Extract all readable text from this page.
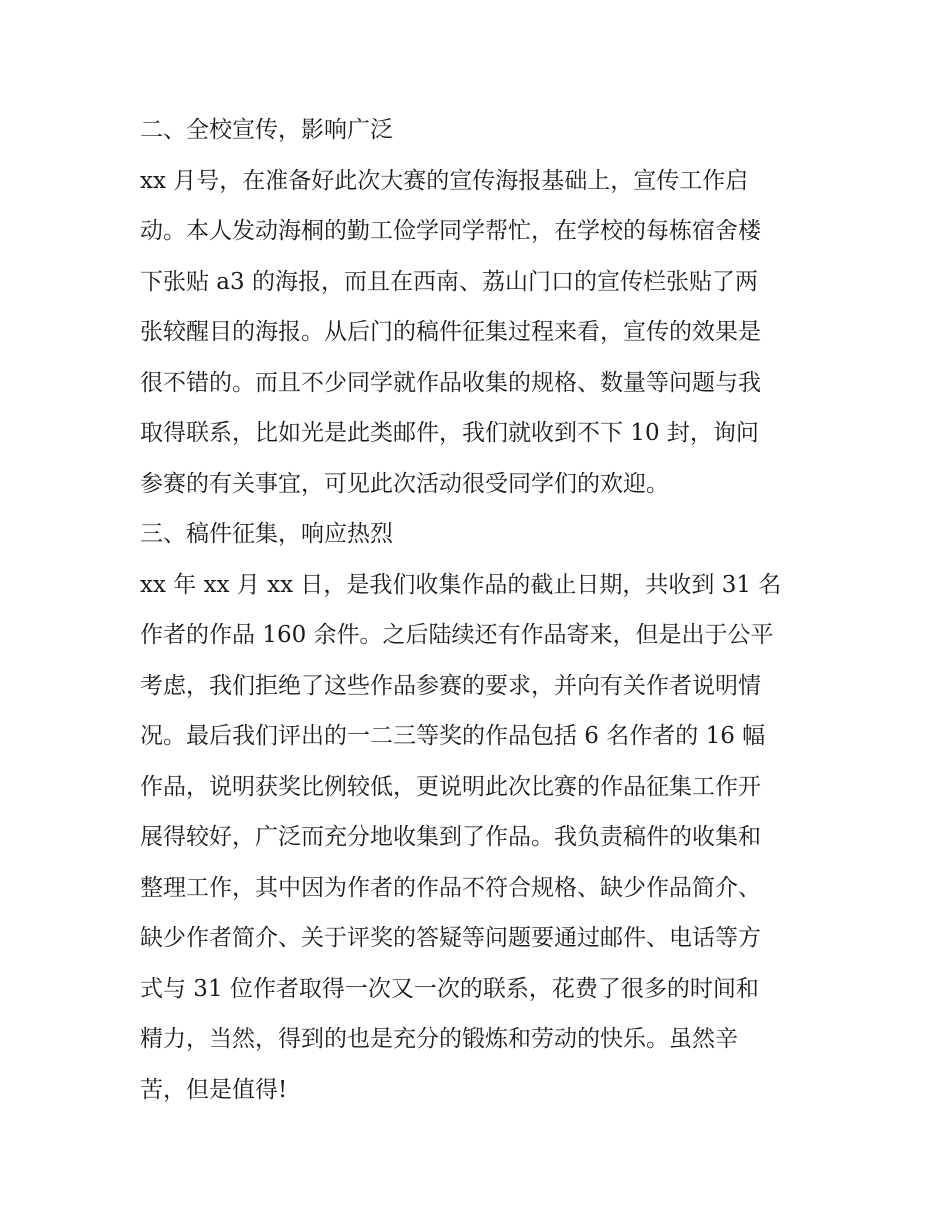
二、全校宣传，影响广泛

xx 月号，在准备好此次大赛的宣传海报基础上，宣传工作启

动。本人发动海桐的勤工俭学同学帮忙，在学校的每栋宿舍楼

下张贴 a3 的海报，而且在西南、荔山门口的宣传栏张贴了两

张较醒目的海报。从后门的稿件征集过程来看，宣传的效果是

很不错的。而且不少同学就作品收集的规格、数量等问题与我

取得联系，比如光是此类邮件，我们就收到不下 10 封，询问

参赛的有关事宜，可见此次活动很受同学们的欢迎。

三、稿件征集，响应热烈

xx 年 xx 月 xx 日，是我们收集作品的截止日期，共收到 31 名

作者的作品 160 余件。之后陆续还有作品寄来，但是出于公平

考虑，我们拒绝了这些作品参赛的要求，并向有关作者说明情

况。最后我们评出的一二三等奖的作品包括 6 名作者的 16 幅

作品，说明获奖比例较低，更说明此次比赛的作品征集工作开

展得较好，广泛而充分地收集到了作品。我负责稿件的收集和

整理工作，其中因为作者的作品不符合规格、缺少作品简介、

缺少作者简介、关于评奖的答疑等问题要通过邮件、电话等方

式与 31 位作者取得一次又一次的联系，花费了很多的时间和

精力，当然，得到的也是充分的锻炼和劳动的快乐。虽然辛

苦，但是值得!
